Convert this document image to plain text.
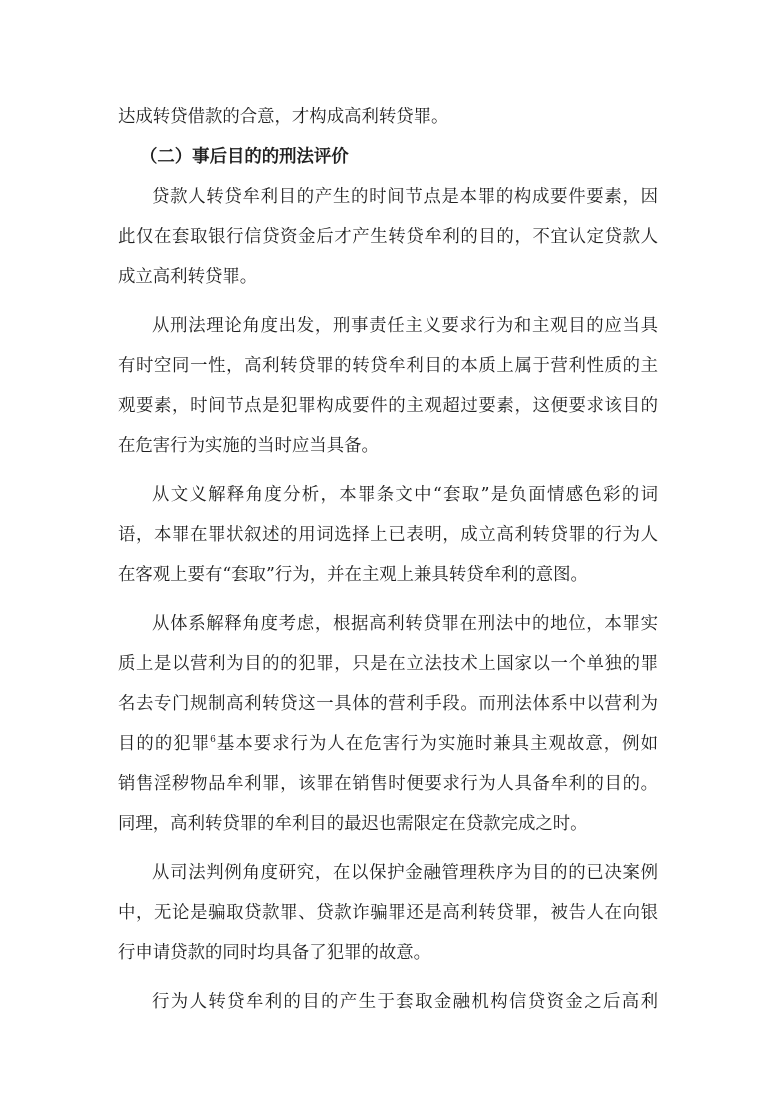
达成转贷借款的合意，才构成高利转贷罪。
（二）事后目的的刑法评价
贷款人转贷牟利目的产生的时间节点是本罪的构成要件要素，因
此仅在套取银行信贷资金后才产生转贷牟利的目的，不宜认定贷款人
成立高利转贷罪。
从刑法理论角度出发，刑事责任主义要求行为和主观目的应当具
有时空同一性，高利转贷罪的转贷牟利目的本质上属于营利性质的主
观要素，时间节点是犯罪构成要件的主观超过要素，这便要求该目的
在危害行为实施的当时应当具备。
从文义解释角度分析，本罪条文中“套取”是负面情感色彩的词
语，本罪在罪状叙述的用词选择上已表明，成立高利转贷罪的行为人
在客观上要有“套取”行为，并在主观上兼具转贷牟利的意图。
从体系解释角度考虑，根据高利转贷罪在刑法中的地位，本罪实
质上是以营利为目的的犯罪，只是在立法技术上国家以一个单独的罪
名去专门规制高利转贷这一具体的营利手段。而刑法体系中以营利为
目的的犯罪$^6$基本要求行为人在危害行为实施时兼具主观故意，例如
销售淫秽物品牟利罪，该罪在销售时便要求行为人具备牟利的目的。
同理，高利转贷罪的牟利目的最迟也需限定在贷款完成之时。
从司法判例角度研究，在以保护金融管理秩序为目的的已决案例
中，无论是骗取贷款罪、贷款诈骗罪还是高利转贷罪，被告人在向银
行申请贷款的同时均具备了犯罪的故意。
行为人转贷牟利的目的产生于套取金融机构信贷资金之后高利
